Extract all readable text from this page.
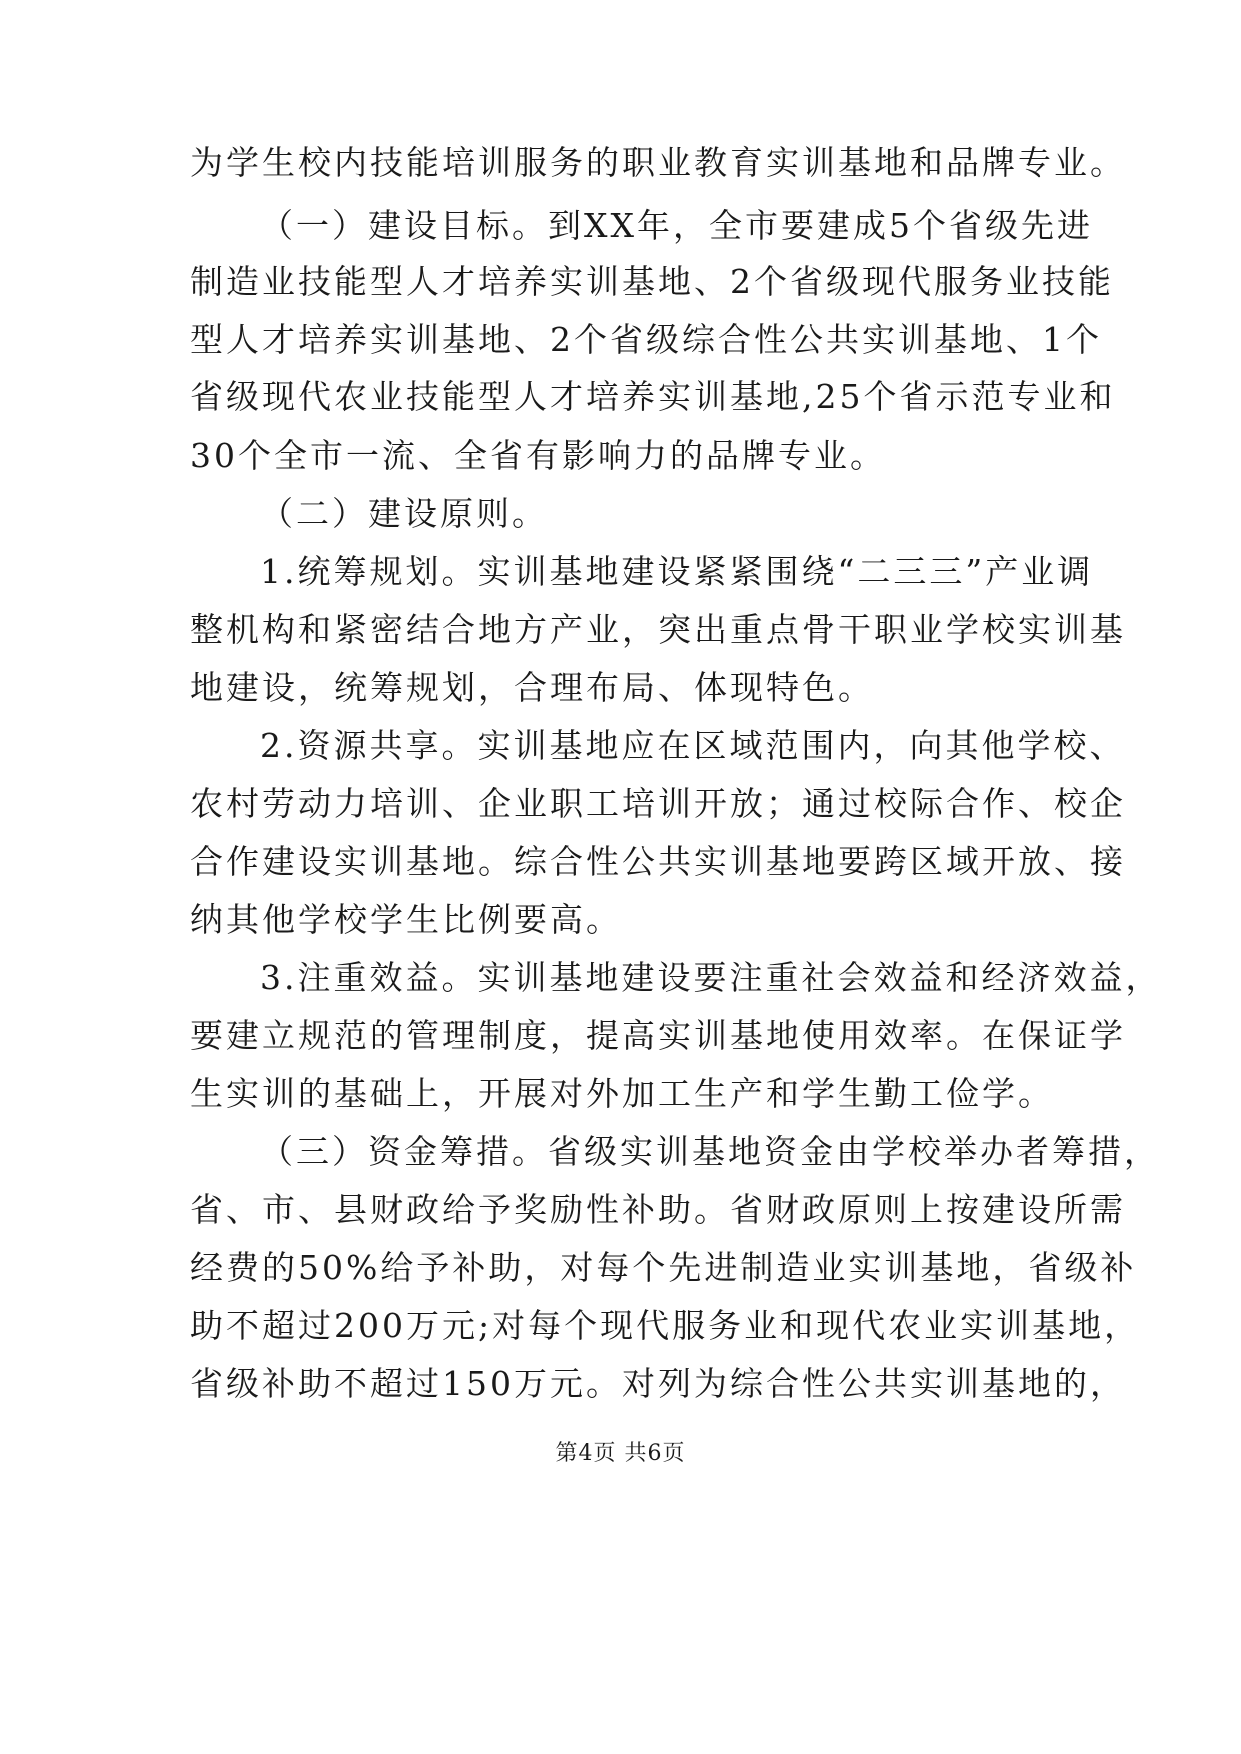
为学生校内技能培训服务的职业教育实训基地和品牌专业。
（一）建设目标。到XX年，全市要建成5个省级先进
制造业技能型人才培养实训基地、2个省级现代服务业技能
型人才培养实训基地、2个省级综合性公共实训基地、1个
省级现代农业技能型人才培养实训基地,25个省示范专业和
30个全市一流、全省有影响力的品牌专业。
（二）建设原则。
1.统筹规划。实训基地建设紧紧围绕“二三三”产业调
整机构和紧密结合地方产业，突出重点骨干职业学校实训基
地建设，统筹规划，合理布局、体现特色。
2.资源共享。实训基地应在区域范围内，向其他学校、
农村劳动力培训、企业职工培训开放；通过校际合作、校企
合作建设实训基地。综合性公共实训基地要跨区域开放、接
纳其他学校学生比例要高。
3.注重效益。实训基地建设要注重社会效益和经济效益，
要建立规范的管理制度，提高实训基地使用效率。在保证学
生实训的基础上，开展对外加工生产和学生勤工俭学。
（三）资金筹措。省级实训基地资金由学校举办者筹措，
省、市、县财政给予奖励性补助。省财政原则上按建设所需
经费的50%给予补助，对每个先进制造业实训基地，省级补
助不超过200万元;对每个现代服务业和现代农业实训基地，
省级补助不超过150万元。对列为综合性公共实训基地的，
第4页 共6页
